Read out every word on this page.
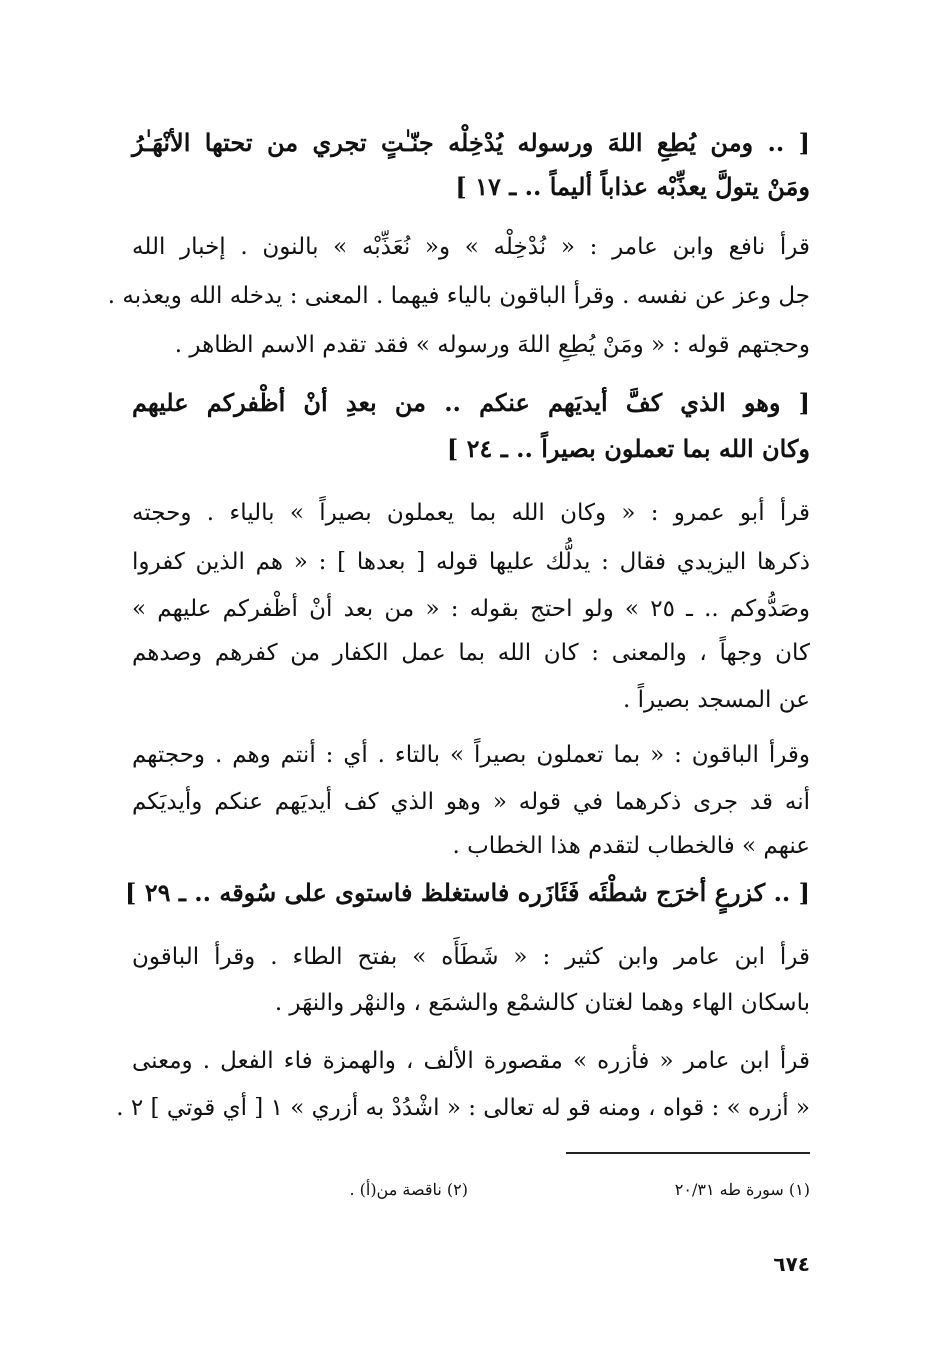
[ .. ومن يُطِعِ اللهَ ورسوله يُدْخِلْه جنّـٰتٍ تجري من تحتها الأنْهَـٰرُ
ومَنْ يتولَّ يعذِّبْه عذاباً أليماً .. ـ ١٧ ]
قرأ نافع وابن عامر : « نُدْخِلْه » و« نُعَذِّبْه » بالنون . إخبار الله
جل وعز عن نفسه . وقرأ الباقون بالياء فيهما . المعنى : يدخله الله ويعذبه .
وحجتهم قوله : « ومَنْ يُطِعِ اللهَ ورسوله » فقد تقدم الاسم الظاهر .
[ وهو الذي كفَّ أيديَهم عنكم .. من بعدِ أنْ أظْفركم عليهم
وكان الله بما تعملون بصيراً .. ـ ٢٤ ]
قرأ أبو عمرو : « وكان الله بما يعملون بصيراً » بالياء . وحجته
ذكرها اليزيدي فقال : يدلُّك عليها قوله [ بعدها ] : « هم الذين كفروا
وصَدُّوكم .. ـ ٢٥ » ولو احتج بقوله : « من بعد أنْ أظْفركم عليهم »
كان وجهاً ، والمعنى : كان الله بما عمل الكفار من كفرهم وصدهم
عن المسجد بصيراً .
وقرأ الباقون : « بما تعملون بصيراً » بالتاء . أي : أنتم وهم . وحجتهم
أنه قد جرى ذكرهما في قوله « وهو الذي كف أيديَهم عنكم وأيديَكم
عنهم » فالخطاب لتقدم هذا الخطاب .
[ .. كزرعٍ أخرَج شطْئَه فَئَازَره فاستغلظ فاستوى على سُوقه .. ـ ٢٩ ]
قرأ ابن عامر وابن كثير : « شَطَأَه » بفتح الطاء . وقرأ الباقون
باسكان الهاء وهما لغتان كالشمْع والشمَع ، والنهْر والنهَر .
قرأ ابن عامر « فأزره » مقصورة الألف ، والهمزة فاء الفعل . ومعنى
« أزره » : قواه ، ومنه قو له تعالى : « اشْدُدْ به أزري » ١ [ أي قوتي ] ٢ .
(١) سورة طه ٢٠/٣١
(٢) ناقصة من(أ) .
٦٧٤
